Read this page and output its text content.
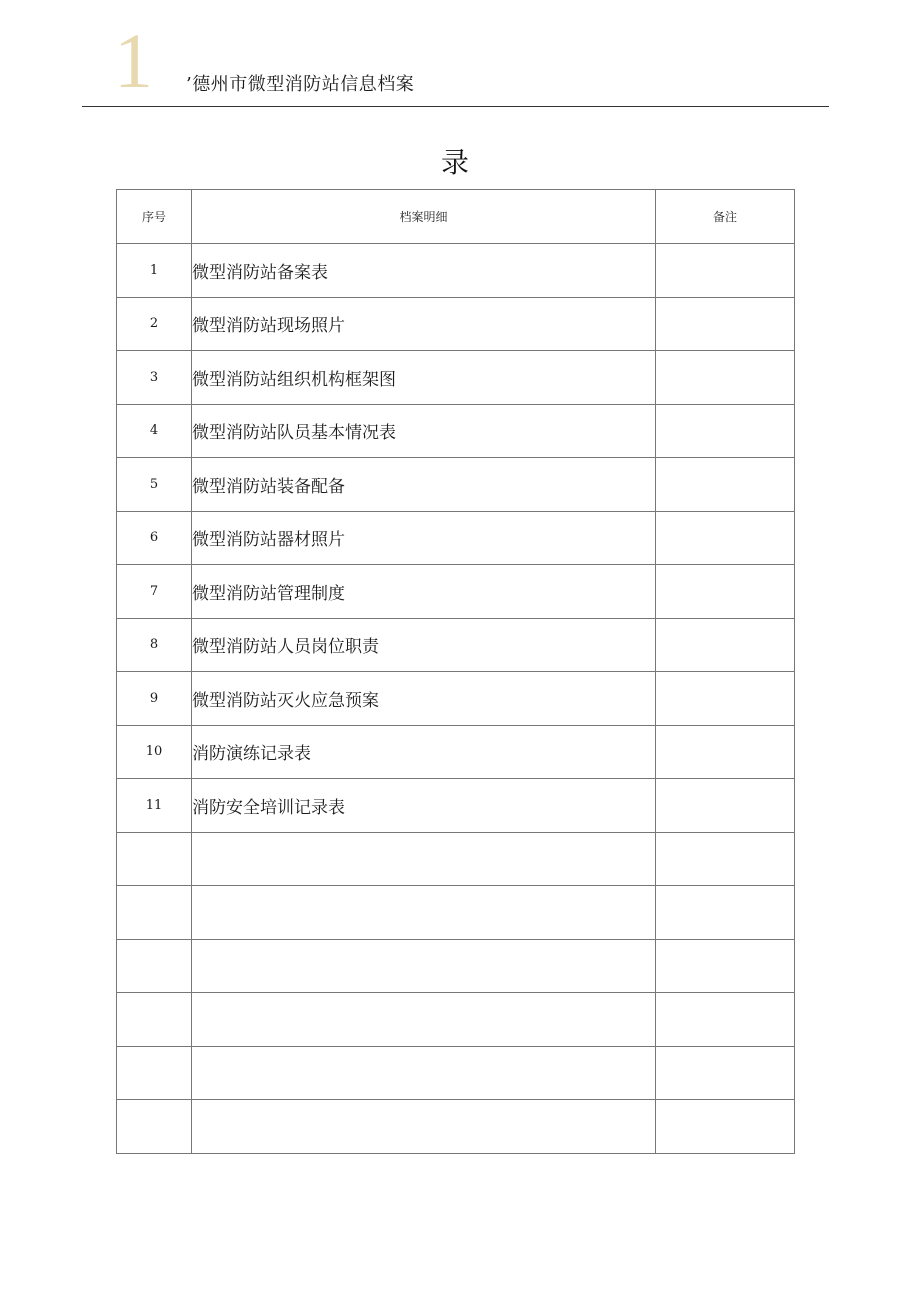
1 ’德州市微型消防站信息档案
录
序号	档案明细	备注
1	微型消防站备案表	
2	微型消防站现场照片	
3	微型消防站组织机构框架图	
4	微型消防站队员基本情况表	
5	微型消防站装备配备	
6	微型消防站器材照片	
7	微型消防站管理制度	
8	微型消防站人员岗位职责	
9	微型消防站灭火应急预案	
10	消防演练记录表	
11	消防安全培训记录表	
